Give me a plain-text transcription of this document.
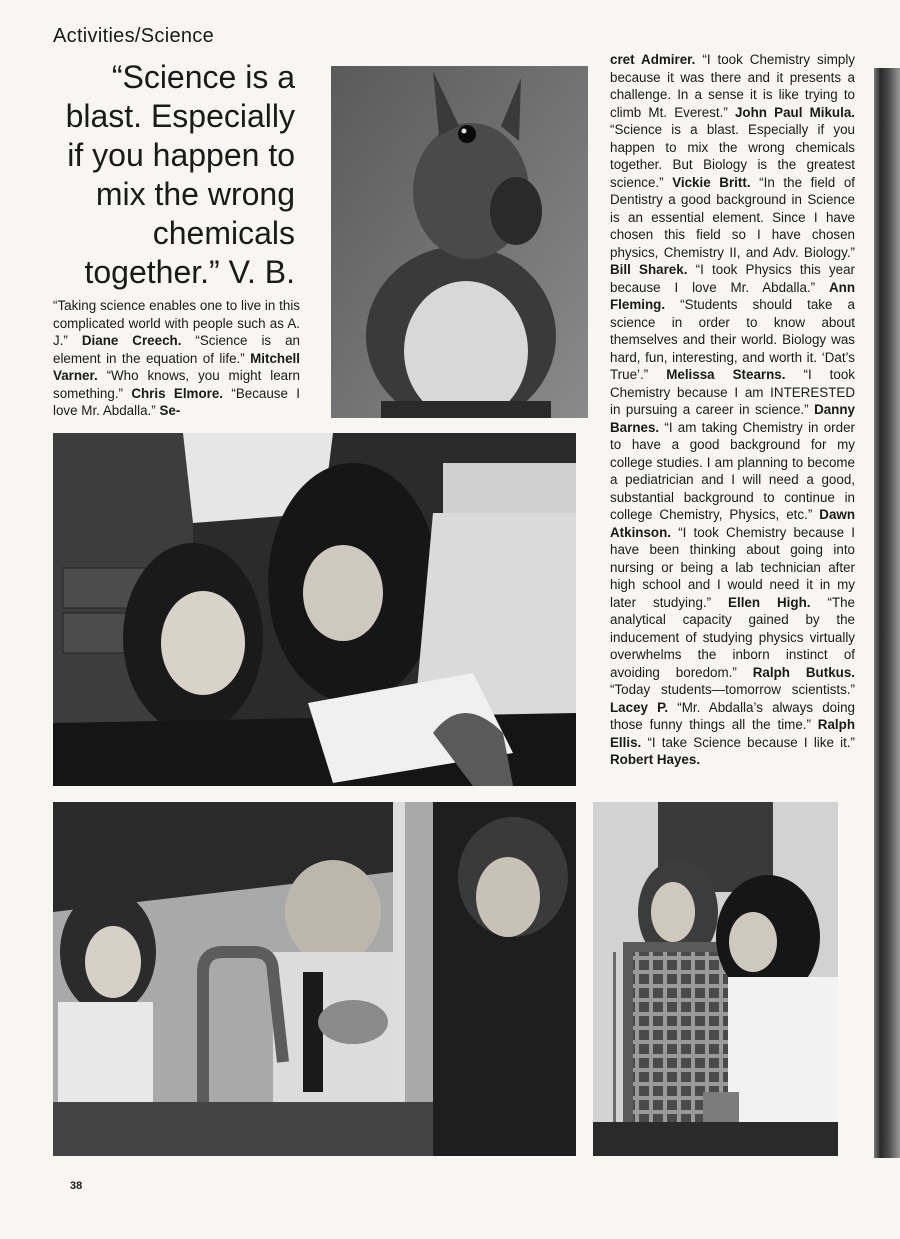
Activities/Science
“Science is a blast. Especially if you happen to mix the wrong chemicals together.” V. B.

“Taking science enables one to live in this complicated world with people such as A. J.” Diane Creech. “Science is an element in the equation of life.” Mitchell Varner. “Who knows, you might learn something.” Chris Elmore. “Because I love Mr. Abdalla.” Se-

cret Admirer. “I took Chemistry simply because it was there and it presents a challenge. In a sense it is like trying to climb Mt. Everest.” John Paul Mikula. “Science is a blast. Especially if you happen to mix the wrong chemicals together. But Biology is the greatest science.” Vickie Britt. “In the field of Dentistry a good background in Science is an essential element. Since I have chosen this field so I have chosen physics, Chemistry II, and Adv. Biology.” Bill Sharek. “I took Physics this year because I love Mr. Abdalla.” Ann Fleming. “Students should take a science in order to know about themselves and their world. Biology was hard, fun, interesting, and worth it. ‘Dat’s True’.” Melissa Stearns. “I took Chemistry because I am INTERESTED in pursuing a career in science.” Danny Barnes. “I am taking Chemistry in order to have a good background for my college studies. I am planning to become a pediatrician and I will need a good, substantial background to continue in college Chemistry, Physics, etc.” Dawn Atkinson. “I took Chemistry because I have been thinking about going into nursing or being a lab technician after high school and I would need it in my later studying.” Ellen High. “The analytical capacity gained by the inducement of studying physics virtually overwhelms the inborn instinct of avoiding boredom.” Ralph Butkus. “Today students—tomorrow scientists.” Lacey P. “Mr. Abdalla’s always doing those funny things all the time.” Ralph Ellis. “I take Science because I like it.” Robert Hayes.

38
